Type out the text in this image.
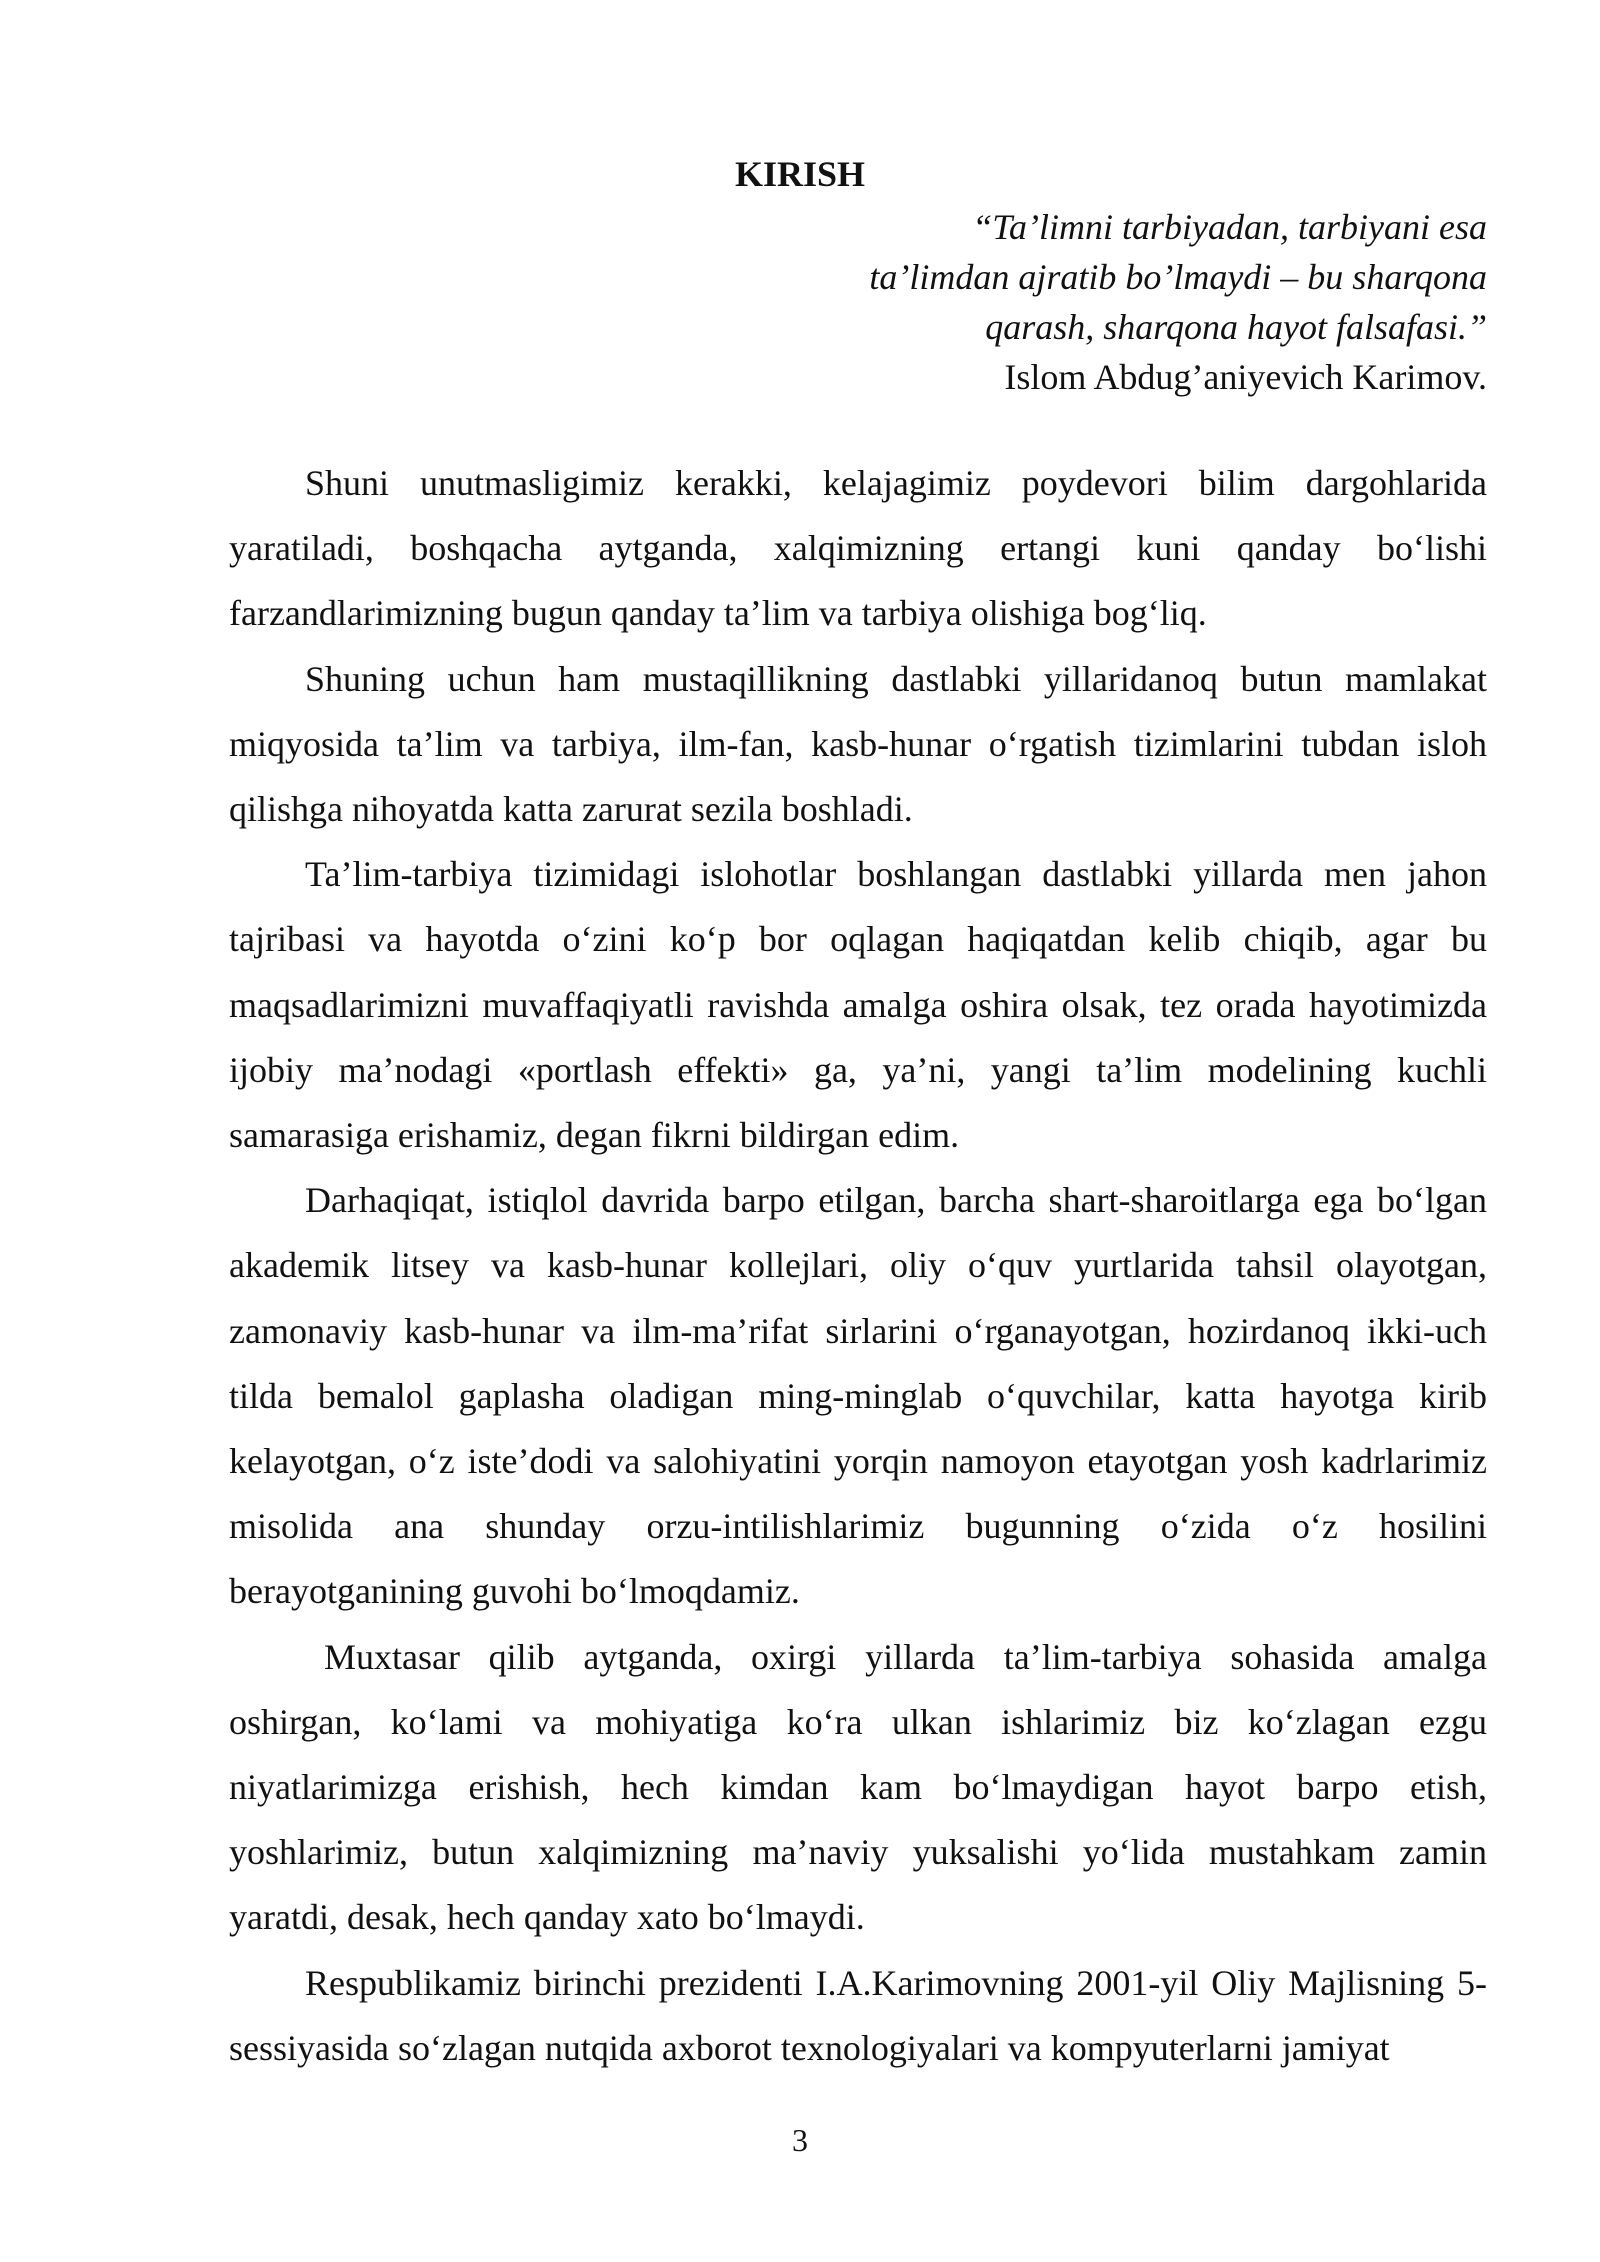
KIRISH
“Ta’limni tarbiyadan, tarbiyani esa
ta’limdan ajratib bo’lmaydi – bu sharqona
qarash, sharqona hayot falsafasi.”
Islom Abdug’aniyevich Karimov.

Shuni unutmasligimiz kerakki, kelajagimiz poydevori bilim dargohlarida yaratiladi, boshqacha aytganda, xalqimizning ertangi kuni qanday boʻlishi farzandlarimizning bugun qanday taʼlim va tarbiya olishiga bogʻliq.

Shuning uchun ham mustaqillikning dastlabki yillaridanoq butun mamlakat miqyosida ta’lim va tarbiya, ilm-fan, kasb-hunar oʻrgatish tizimlarini tubdan isloh qilishga nihoyatda katta zarurat sezila boshladi.

Ta’lim-tarbiya tizimidagi islohotlar boshlangan dastlabki yillarda men jahon tajribasi va hayotda oʻzini koʻp bor oqlagan haqiqatdan kelib chiqib, agar bu maqsadlarimizni muvaffaqiyatli ravishda amalga oshira olsak, tez orada hayotimizda ijobiy ma’nodagi «portlash effekti» ga, ya’ni, yangi ta’lim modelining kuchli samarasiga erishamiz, degan fikrni bildirgan edim.

Darhaqiqat, istiqlol davrida barpo etilgan, barcha shart-sharoitlarga ega boʻlgan akademik litsey va kasb-hunar kollejlari, oliy oʻquv yurtlarida tahsil olayotgan, zamonaviy kasb-hunar va ilm-ma’rifat sirlarini oʻrganayotgan, hozirdanoq ikki-uch tilda bemalol gaplasha oladigan ming-minglab oʻquvchilar, katta hayotga kirib kelayotgan, oʻz iste’dodi va salohiyatini yorqin namoyon etayotgan yosh kadrlarimiz misolida ana shunday orzu-intilishlarimiz bugunning oʻzida oʻz hosilini berayotganining guvohi boʻlmoqdamiz.

Muxtasar qilib aytganda, oxirgi yillarda ta’lim-tarbiya sohasida amalga oshirgan, koʻlami va mohiyatiga koʻra ulkan ishlarimiz biz koʻzlagan ezgu niyatlarimizga erishish, hech kimdan kam boʻlmaydigan hayot barpo etish, yoshlarimiz, butun xalqimizning ma’naviy yuksalishi yoʻlida mustahkam zamin yaratdi, desak, hech qanday xato boʻlmaydi.

Respublikamiz birinchi prezidenti I.A.Karimovning 2001-yil Oliy Majlisning 5-sessiyasida soʻzlagan nutqida axborot texnologiyalari va kompyuterlarni jamiyat

3
